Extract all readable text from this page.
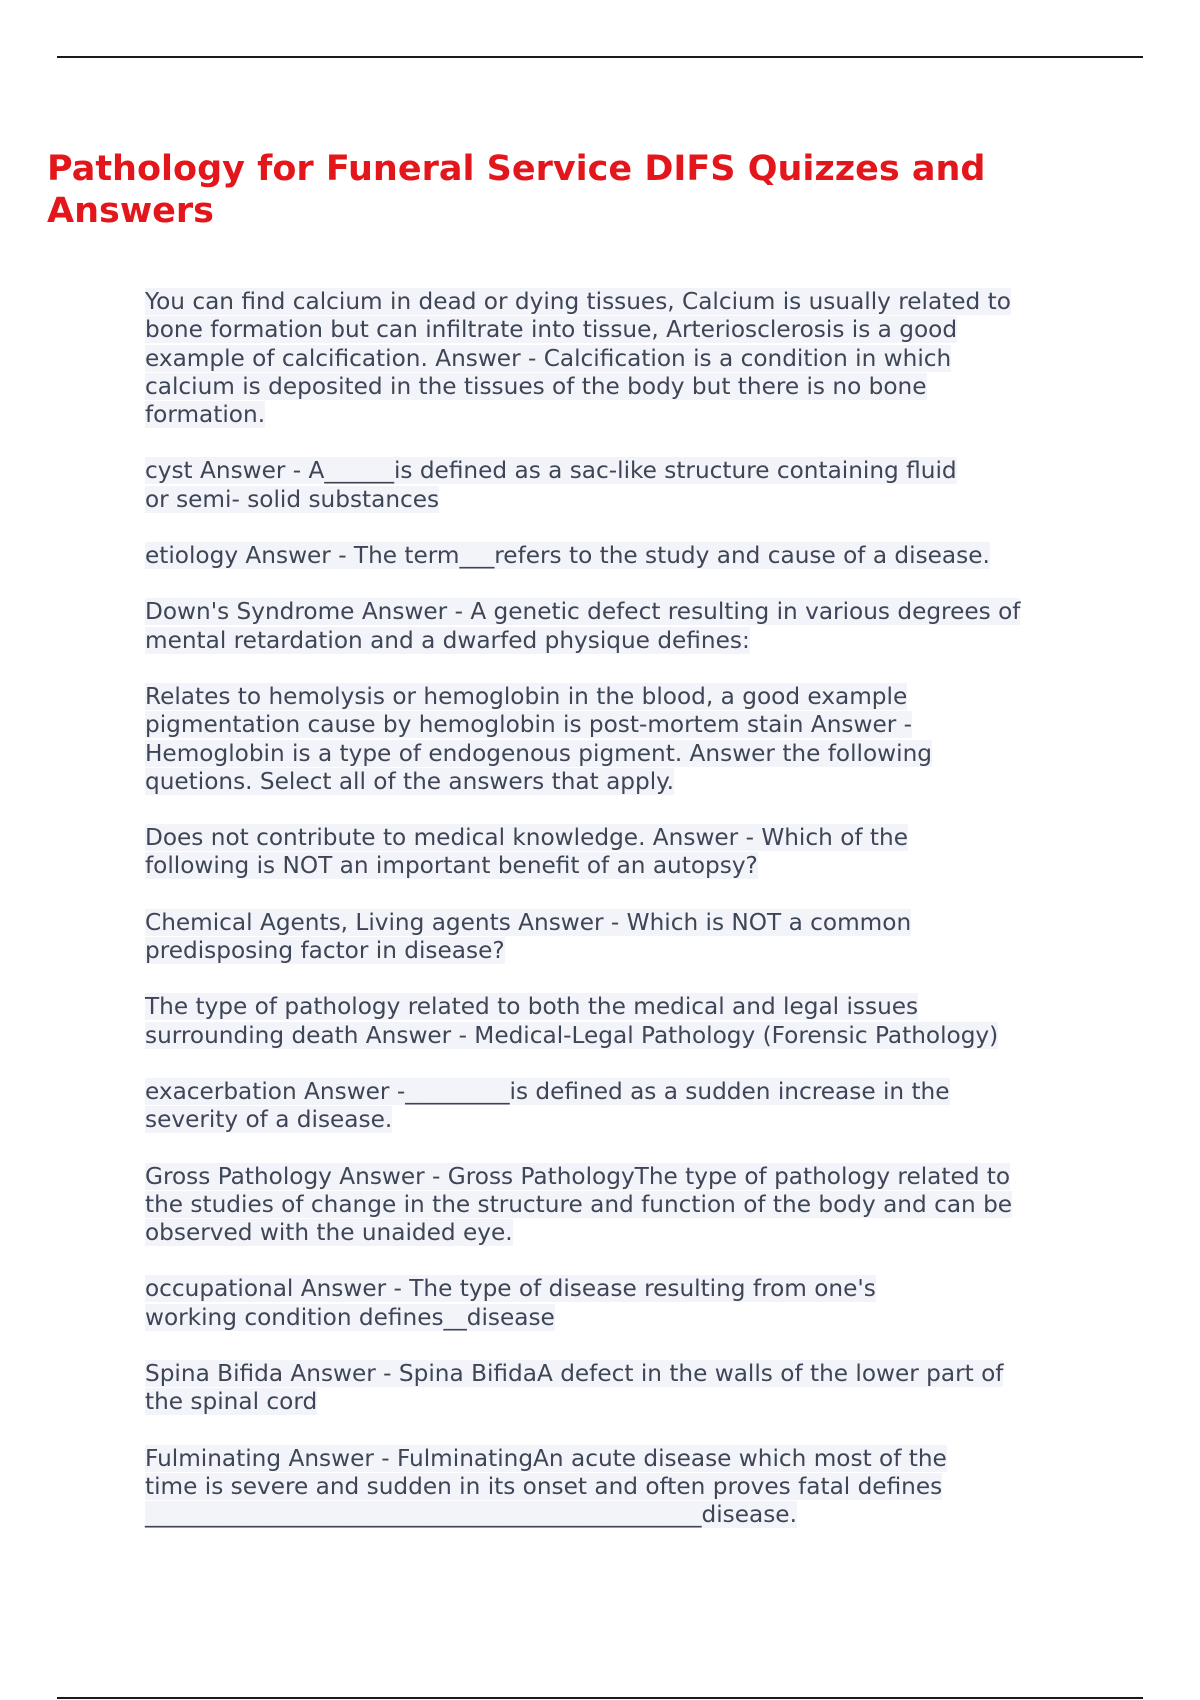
Pathology for Funeral Service DIFS Quizzes and Answers
You can find calcium in dead or dying tissues, Calcium is usually related to
bone formation but can infiltrate into tissue, Arteriosclerosis is a good
example of calcification. Answer - Calcification is a condition in which
calcium is deposited in the tissues of the body but there is no bone
formation.
cyst Answer - A______is defined as a sac-like structure containing fluid
or semi- solid substances
etiology Answer - The term___refers to the study and cause of a disease.
Down's Syndrome Answer - A genetic defect resulting in various degrees of
mental retardation and a dwarfed physique defines:
Relates to hemolysis or hemoglobin in the blood, a good example
pigmentation cause by hemoglobin is post-mortem stain Answer -
Hemoglobin is a type of endogenous pigment. Answer the following
quetions. Select all of the answers that apply.
Does not contribute to medical knowledge. Answer - Which of the
following is NOT an important benefit of an autopsy?
Chemical Agents, Living agents Answer - Which is NOT a common
predisposing factor in disease?
The type of pathology related to both the medical and legal issues
surrounding death Answer - Medical-Legal Pathology (Forensic Pathology)
exacerbation Answer -_________is defined as a sudden increase in the
severity of a disease.
Gross Pathology Answer - Gross PathologyThe type of pathology related to
the studies of change in the structure and function of the body and can be
observed with the unaided eye.
occupational Answer - The type of disease resulting from one's
working condition defines__disease
Spina Bifida Answer - Spina BifidaA defect in the walls of the lower part of
the spinal cord
Fulminating Answer - FulminatingAn acute disease which most of the
time is severe and sudden in its onset and often proves fatal defines
________________________________________________disease.
